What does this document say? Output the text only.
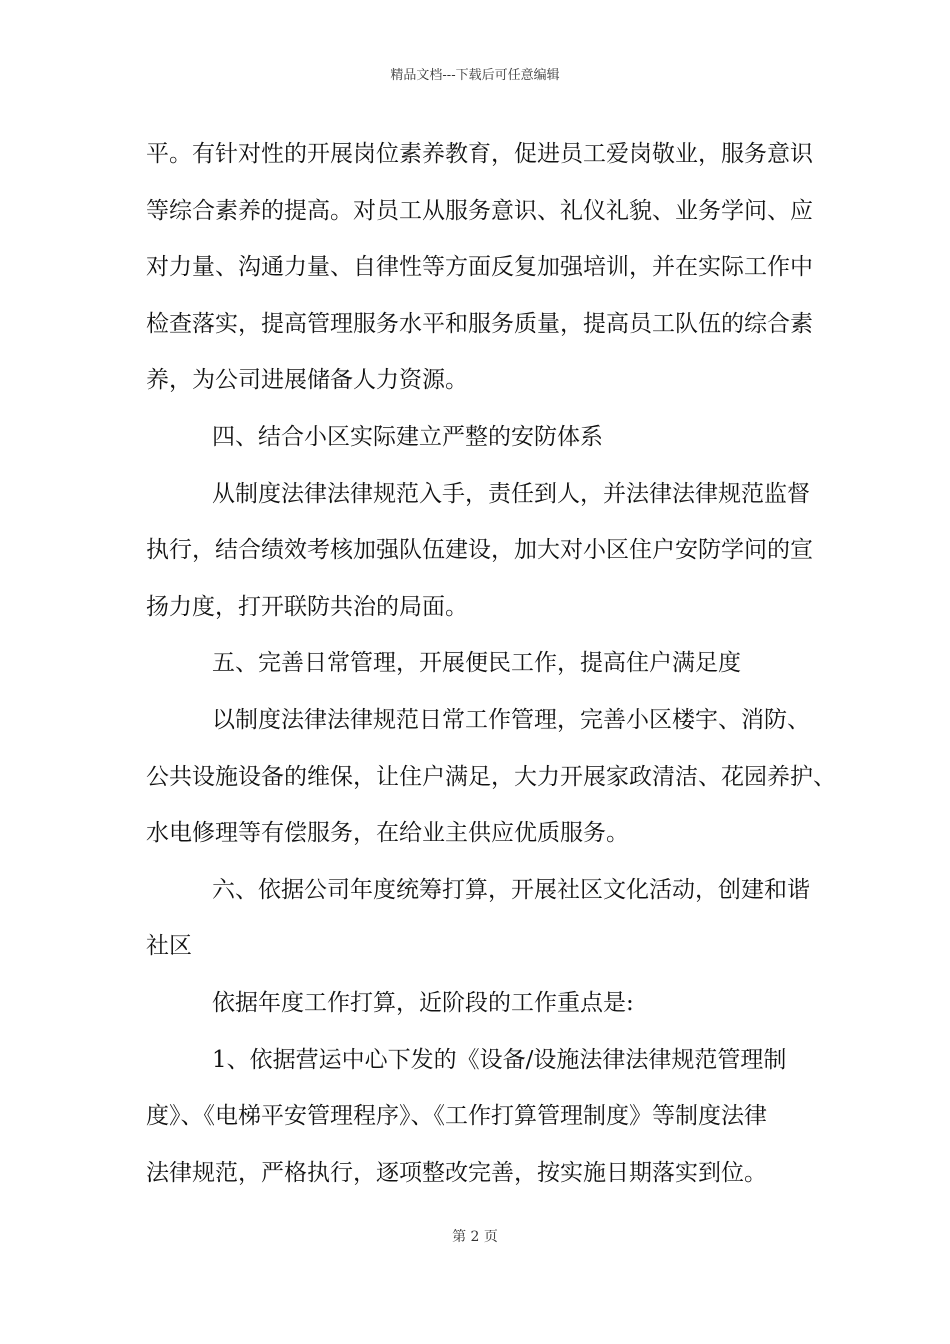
精品文档---下载后可任意编辑
平。有针对性的开展岗位素养教育，促进员工爱岗敬业，服务意识
等综合素养的提高。对员工从服务意识、礼仪礼貌、业务学问、应
对力量、沟通力量、自律性等方面反复加强培训，并在实际工作中
检查落实，提高管理服务水平和服务质量，提高员工队伍的综合素
养，为公司进展储备人力资源。
四、结合小区实际建立严整的安防体系
从制度法律法律规范入手，责任到人，并法律法律规范监督
执行，结合绩效考核加强队伍建设，加大对小区住户安防学问的宣
扬力度，打开联防共治的局面。
五、完善日常管理，开展便民工作，提高住户满足度
以制度法律法律规范日常工作管理，完善小区楼宇、消防、
公共设施设备的维保，让住户满足，大力开展家政清洁、花园养护、
水电修理等有偿服务，在给业主供应优质服务。
六、依据公司年度统筹打算，开展社区文化活动，创建和谐
社区
依据年度工作打算，近阶段的工作重点是:
1、依据营运中心下发的《设备/设施法律法律规范管理制
度》、《电梯平安管理程序》、《工作打算管理制度》等制度法律
法律规范，严格执行，逐项整改完善，按实施日期落实到位。
第 2 页
